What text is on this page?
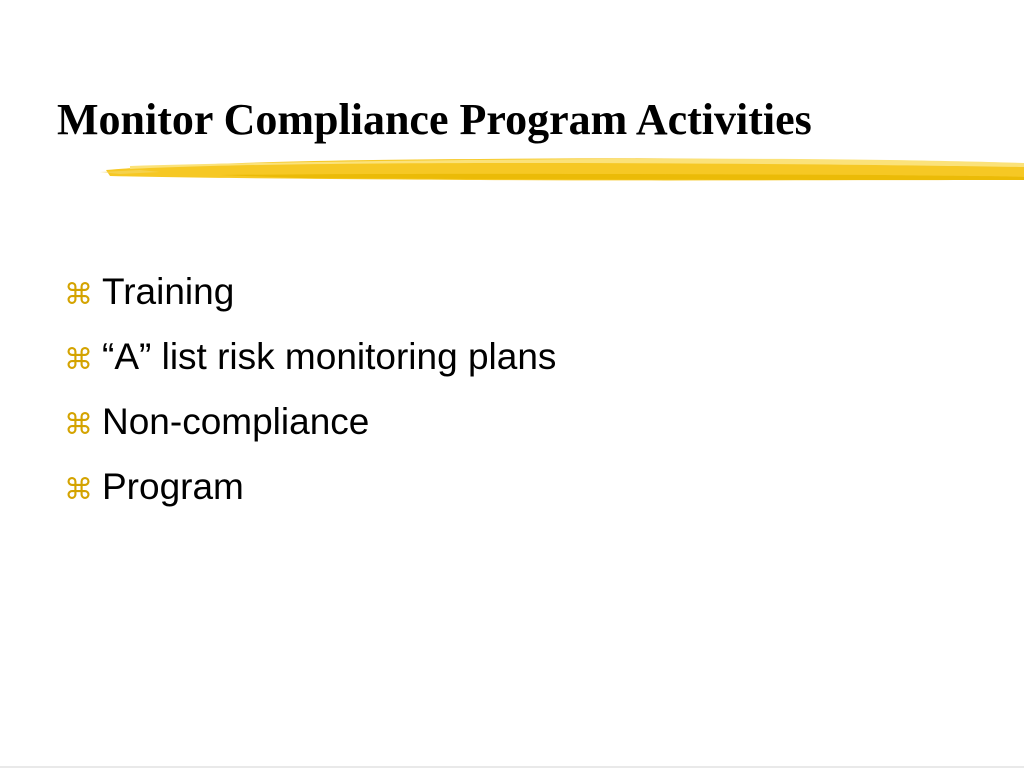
Monitor Compliance Program Activities
⌘ Training
⌘ “A” list risk monitoring plans
⌘ Non-compliance
⌘ Program
